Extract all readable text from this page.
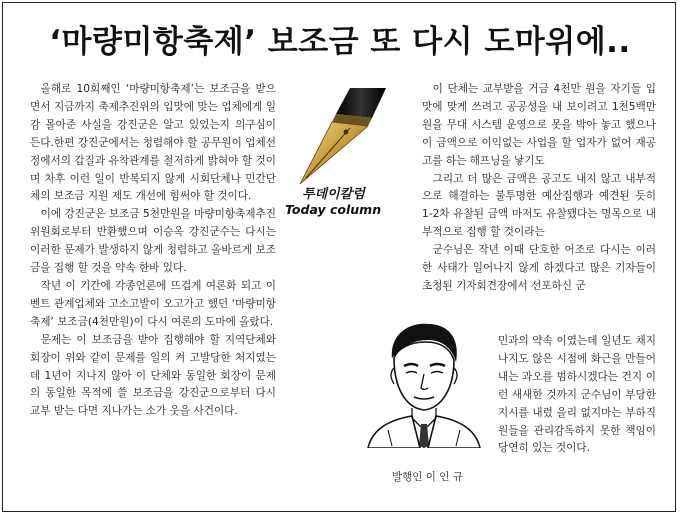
‘마량미항축제’ 보조금 또 다시 도마위에..

올해로 10회째인 ‘마량미항축제’는 보조금을 받으면서 지금까지 축제추진위의 입맛에 맞는 업체에게 일감 몰아준 사실을 강진군은 알고 있었는지 의구심이 든다.한편 강진군에서는 청렴해야 할 공무원이 업체선정에서의 갑질과 유착관계를 철저하게 밝혀야 할 것이며 차후 이런 일이 반복되지 않게 시회단체나 민간단체의 보조금 지원 제도 개선에 힘써야 할 것이다.

이에 강진군은 보조금 5천만원을 마량미항축제추진위원회로부터 반환했으며 이승옥 강진군수는 다시는 이러한 문제가 발생하지 않게 청렴하고 올바르게 보조금을 집행 할 것을 약속 한바 있다.

작년 이 기간에 각종언론에 뜨겁게 여론화 되고 이벤트 관계업체와 고소고발이 오고가고 했던 ‘마량미항축제’ 보조금(4천만원)이 다시 여론의 도마에 올랐다.

문제는 이 보조금을 받아 집행해야 할 지역단체와 회장이 위와 같이 문제를 일의 켜 고발당한 처지였는데 1년이 지나지 않아 이 단체와 동일한 회장이 문제의 동일한 목적에 쓸 보조금을 강진군으로부터 다시 교부 받는 다면 지나가는 소가 웃을 사건이다.

투데이칼럼
Today column

이 단체는 교부받을 거금 4천만 원을 자기들 입맛에 맞게 쓰려고 공공성을 내 보이려고 1천5백만원을 무대 시스템 운영으로 못을 박아 놓고 했으나 이 금액으로 이익없는 사업을 할 업자가 없어 재공고를 하는 해프닝을 낳기도

그리고 더 많은 금액은 공고도 내지 않고 내부적으로 해결하는 불투명한 예산집행과 예견된 듯히 1-2차 유찰된 금액 마저도 유찰됐다는 명목으로 내부적으로 집행 할 것이라는

군수님은 작년 이때 단호한 어조로 다시는 이러한 사태가 일어나지 않게 하겠다고 많은 기자들이 초청된 기자회견장에서 선포하신 군

민과의 약속 이였는데 일년도 채지나지도 않은 시점에 화근을 만들어 내는 과오를 범하시겠다는 건지 이런 새새한 것까지 군수님이 부당한 지시를 내렸 을리 없지마는 부하직원들을 관리감독하지 못한 책임이 당연히 있는 것이다.

발행인 이 인 규
